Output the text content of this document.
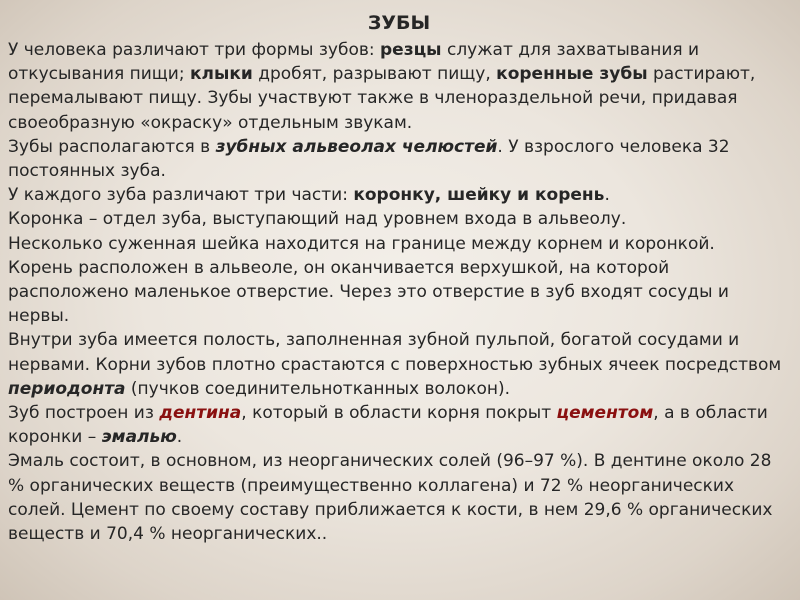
ЗУБЫ

У человека различают три формы зубов: резцы служат для захватывания и откусывания пищи; клыки дробят, разрывают пищу, коренные зубы растирают, перемалывают пищу. Зубы участвуют также в членораздельной речи, придавая своеобразную «окраску» отдельным звукам.

Зубы располагаются в зубных альвеолах челюстей. У взрослого человека 32 постоянных зуба.

У каждого зуба различают три части: коронку, шейку и корень.

Коронка – отдел зуба, выступающий над уровнем входа в альвеолу.

Несколько суженная шейка находится на границе между корнем и коронкой.

Корень расположен в альвеоле, он оканчивается верхушкой, на которой расположено маленькое отверстие. Через это отверстие в зуб входят сосуды и нервы.

Внутри зуба имеется полость, заполненная зубной пульпой, богатой сосудами и нервами. Корни зубов плотно срастаются с поверхностью зубных ячеек посредством периодонта (пучков соединительнотканных волокон).

Зуб построен из дентина, который в области корня покрыт цементом, а в области коронки – эмалью.

Эмаль состоит, в основном, из неорганических солей (96–97 %). В дентине около 28 % органических веществ (преимущественно коллагена) и 72 % неорганических солей. Цемент по своему составу приближается к кости, в нем 29,6 % органических веществ и 70,4 % неорганических..
